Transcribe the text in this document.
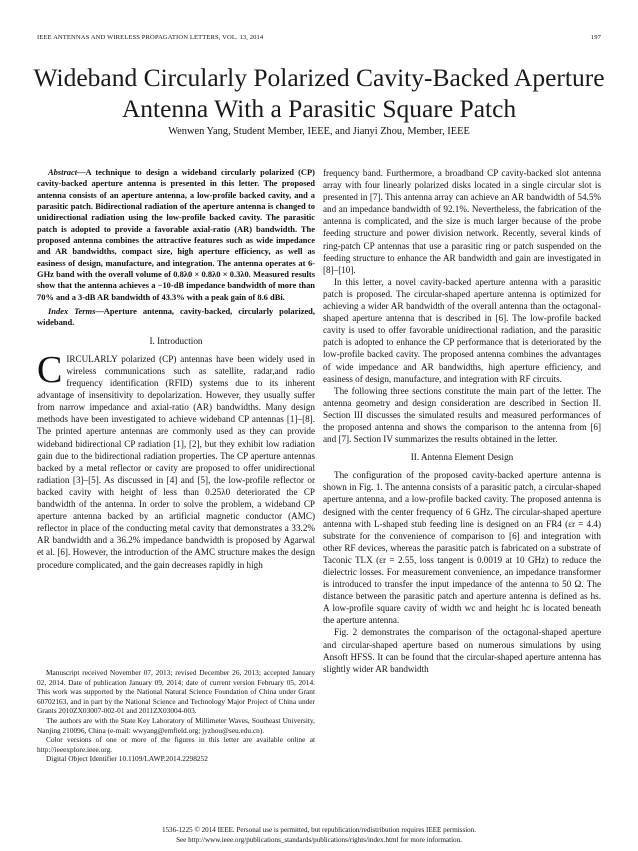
IEEE ANTENNAS AND WIRELESS PROPAGATION LETTERS, VOL. 13, 2014	197
Wideband Circularly Polarized Cavity-Backed Aperture Antenna With a Parasitic Square Patch
Wenwen Yang, Student Member, IEEE, and Jianyi Zhou, Member, IEEE

Abstract—A technique to design a wideband circularly polarized (CP) cavity-backed aperture antenna is presented in this letter. The proposed antenna consists of an aperture antenna, a low-profile backed cavity, and a parasitic patch. Bidirectional radiation of the aperture antenna is changed to unidirectional radiation using the low-profile backed cavity. The parasitic patch is adopted to provide a favorable axial-ratio (AR) bandwidth. The proposed antenna combines the attractive features such as wide impedance and AR bandwidths, compact size, high aperture efficiency, as well as easiness of design, manufacture, and integration. The antenna operates at 6-GHz band with the overall volume of 0.8λ0 × 0.8λ0 × 0.3λ0. Measured results show that the antenna achieves a −10-dB impedance bandwidth of more than 70% and a 3-dB AR bandwidth of 43.3% with a peak gain of 8.6 dBi.

Index Terms—Aperture antenna, cavity-backed, circularly polarized, wideband.

I. Introduction

CIRCULARLY polarized (CP) antennas have been widely used in wireless communications such as satellite, radar,and radio frequency identification (RFID) systems due to its inherent advantage of insensitivity to depolarization. However, they usually suffer from narrow impedance and axial-ratio (AR) bandwidths. Many design methods have been investigated to achieve wideband CP antennas [1]–[8]. The printed aperture antennas are commonly used as they can provide wideband bidirectional CP radiation [1], [2], but they exhibit low radiation gain due to the bidirectional radiation properties. The CP aperture antennas backed by a metal reflector or cavity are proposed to offer unidirectional radiation [3]–[5]. As discussed in [4] and [5], the low-profile reflector or backed cavity with height of less than 0.25λ0 deteriorated the CP bandwidth of the antenna. In order to solve the problem, a wideband CP aperture antenna backed by an artificial magnetic conductor (AMC) reflector in place of the conducting metal cavity that demonstrates a 33.2% AR bandwidth and a 36.2% impedance bandwidth is proposed by Agarwal et al. [6]. However, the introduction of the AMC structure makes the design procedure complicated, and the gain decreases rapidly in high

Manuscript received November 07, 2013; revised December 26, 2013; accepted January 02, 2014. Date of publication January 09, 2014; date of current version February 05, 2014. This work was supported by the National Natural Science Foundation of China under Grant 60702163, and in part by the National Science and Technology Major Project of China under Grants 2010ZX03007-002-01 and 2011ZX03004-003.

The authors are with the State Key Laboratory of Millimeter Waves, Southeast University, Nanjing 210096, China (e-mail: wwyang@emfield.org; jyzhou@seu.edu.cn).

Color versions of one or more of the figures in this letter are available online at http://ieeexplore.ieee.org.

Digital Object Identifier 10.1109/LAWP.2014.2298252

frequency band. Furthermore, a broadband CP cavity-backed slot antenna array with four linearly polarized disks located in a single circular slot is presented in [7]. This antenna array can achieve an AR bandwidth of 54.5% and an impedance bandwidth of 92.1%. Nevertheless, the fabrication of the antenna is complicated, and the size is much larger because of the probe feeding structure and power division network. Recently, several kinds of ring-patch CP antennas that use a parasitic ring or patch suspended on the feeding structure to enhance the AR bandwidth and gain are investigated in [8]–[10].

In this letter, a novel cavity-backed aperture antenna with a parasitic patch is proposed. The circular-shaped aperture antenna is optimized for achieving a wider AR bandwidth of the overall antenna than the octagonal-shaped aperture antenna that is described in [6]. The low-profile backed cavity is used to offer favorable unidirectional radiation, and the parasitic patch is adopted to enhance the CP performance that is deteriorated by the low-profile backed cavity. The proposed antenna combines the advantages of wide impedance and AR bandwidths, high aperture efficiency, and easiness of design, manufacture, and integration with RF circuits.

The following three sections constitute the main part of the letter. The antenna geometry and design consideration are described in Section II. Section III discusses the simulated results and measured performances of the proposed antenna and shows the comparison to the antenna from [6] and [7]. Section IV summarizes the results obtained in the letter.

II. Antenna Element Design

The configuration of the proposed cavity-backed aperture antenna is shown in Fig. 1. The antenna consists of a parasitic patch, a circular-shaped aperture antenna, and a low-profile backed cavity. The proposed antenna is designed with the center frequency of 6 GHz. The circular-shaped aperture antenna with L-shaped stub feeding line is designed on an FR4 (εr = 4.4) substrate for the convenience of comparison to [6] and integration with other RF devices, whereas the parasitic patch is fabricated on a substrate of Taconic TLX (εr = 2.55, loss tangent is 0.0019 at 10 GHz) to reduce the dielectric losses. For measurement convenience, an impedance transformer is introduced to transfer the input impedance of the antenna to 50 Ω. The distance between the parasitic patch and aperture antenna is defined as hs. A low-profile square cavity of width wc and height hc is located beneath the aperture antenna.

Fig. 2 demonstrates the comparison of the octagonal-shaped aperture and circular-shaped aperture based on numerous simulations by using Ansoft HFSS. It can be found that the circular-shaped aperture antenna has slightly wider AR bandwidth

1536-1225 © 2014 IEEE. Personal use is permitted, but republication/redistribution requires IEEE permission.
See http://www.ieee.org/publications_standards/publications/rights/index.html for more information.
